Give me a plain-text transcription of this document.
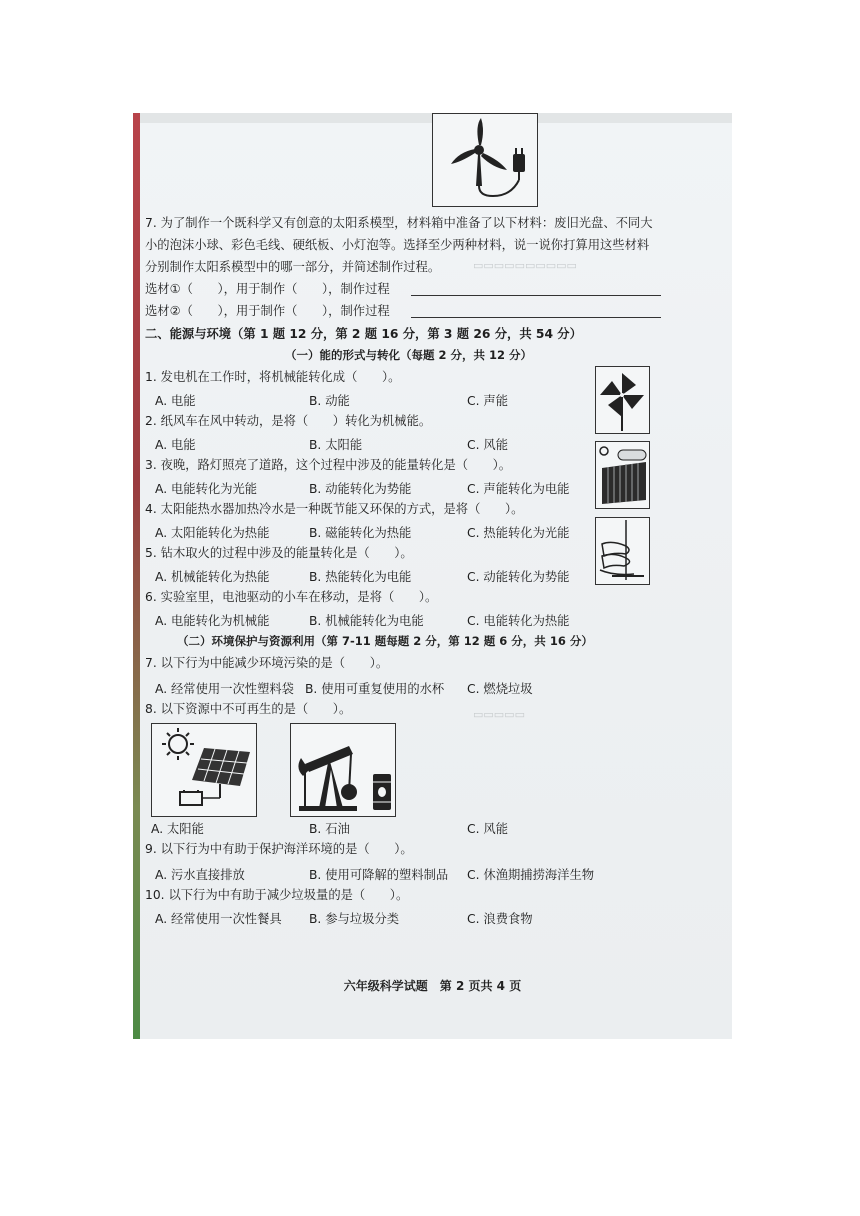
▭▭▭▭▭▭▭▭▭▭
▭▭▭▭▭
7. 为了制作一个既科学又有创意的太阳系模型，材料箱中准备了以下材料：废旧光盘、不同大
小的泡沫小球、彩色毛线、硬纸板、小灯泡等。选择至少两种材料，说一说你打算用这些材料
分别制作太阳系模型中的哪一部分，并简述制作过程。
选材①（　　），用于制作（　　），制作过程
选材②（　　），用于制作（　　），制作过程
二、能源与环境（第 1 题 12 分，第 2 题 16 分，第 3 题 26 分，共 54 分）
（一）能的形式与转化（每题 2 分，共 12 分）
1. 发电机在工作时，将机械能转化成（　　）。
A. 电能	B. 动能	C. 声能
2. 纸风车在风中转动，是将（　　）转化为机械能。
A. 电能	B. 太阳能	C. 风能
3. 夜晚，路灯照亮了道路，这个过程中涉及的能量转化是（　　）。
A. 电能转化为光能	B. 动能转化为势能	C. 声能转化为电能
4. 太阳能热水器加热冷水是一种既节能又环保的方式，是将（　　）。
A. 太阳能转化为热能	B. 磁能转化为热能	C. 热能转化为光能
5. 钻木取火的过程中涉及的能量转化是（　　）。
A. 机械能转化为热能	B. 热能转化为电能	C. 动能转化为势能
6. 实验室里，电池驱动的小车在移动，是将（　　）。
A. 电能转化为机械能	B. 机械能转化为电能	C. 电能转化为热能
（二）环境保护与资源利用（第 7-11 题每题 2 分，第 12 题 6 分，共 16 分）
7. 以下行为中能减少环境污染的是（　　）。
A. 经常使用一次性塑料袋 B. 使用可重复使用的水杯 C. 燃烧垃圾
8. 以下资源中不可再生的是（　　）。
A. 太阳能	B. 石油	C. 风能
9. 以下行为中有助于保护海洋环境的是（　　）。
A. 污水直接排放	B. 使用可降解的塑料制品 C. 休渔期捕捞海洋生物
10. 以下行为中有助于减少垃圾量的是（　　）。
A. 经常使用一次性餐具 B. 参与垃圾分类	C. 浪费食物
六年级科学试题　第 2 页共 4 页
